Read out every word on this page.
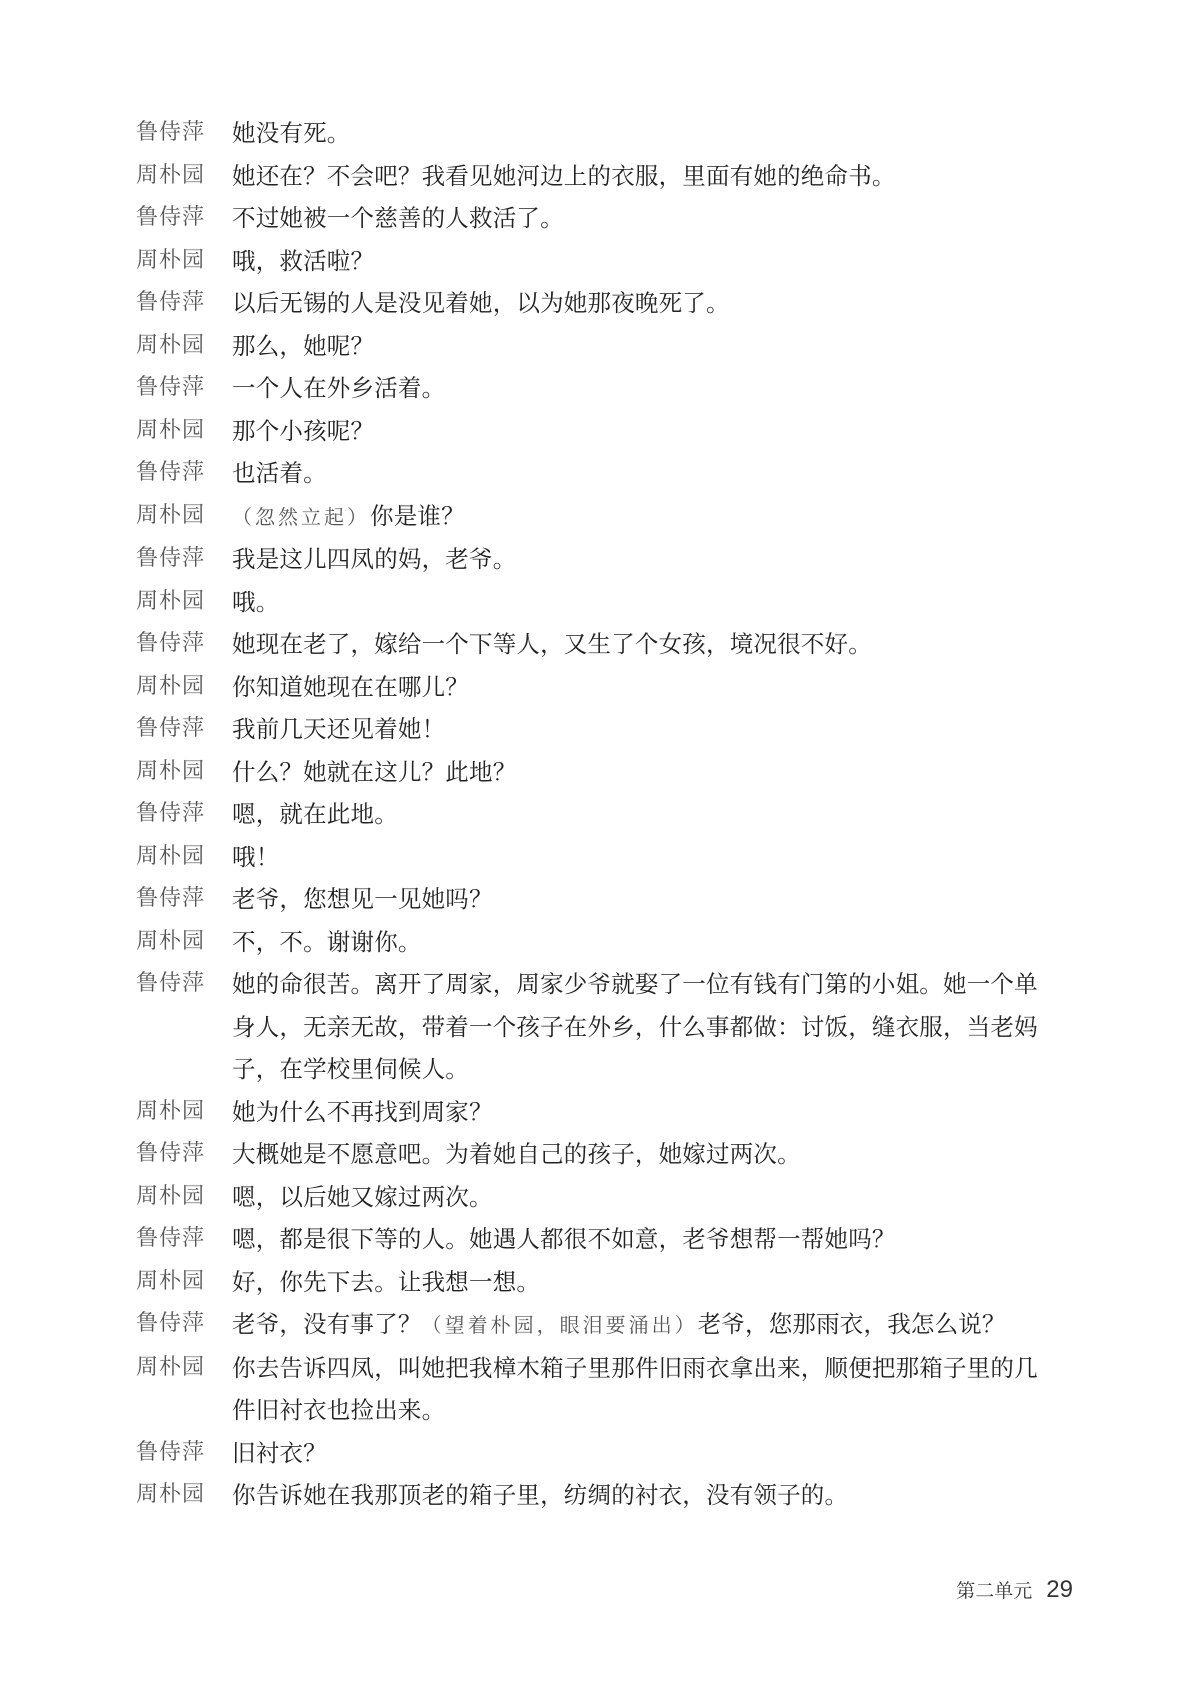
鲁侍萍	她没有死。
周朴园	她还在？不会吧？我看见她河边上的衣服，里面有她的绝命书。
鲁侍萍	不过她被一个慈善的人救活了。
周朴园	哦，救活啦？
鲁侍萍	以后无锡的人是没见着她，以为她那夜晚死了。
周朴园	那么，她呢？
鲁侍萍	一个人在外乡活着。
周朴园	那个小孩呢？
鲁侍萍	也活着。
周朴园	（忽然立起）你是谁？
鲁侍萍	我是这儿四凤的妈，老爷。
周朴园	哦。
鲁侍萍	她现在老了，嫁给一个下等人，又生了个女孩，境况很不好。
周朴园	你知道她现在在哪儿？
鲁侍萍	我前几天还见着她！
周朴园	什么？她就在这儿？此地？
鲁侍萍	嗯，就在此地。
周朴园	哦！
鲁侍萍	老爷，您想见一见她吗？
周朴园	不，不。谢谢你。
鲁侍萍	她的命很苦。离开了周家，周家少爷就娶了一位有钱有门第的小姐。她一个单身人，无亲无故，带着一个孩子在外乡，什么事都做：讨饭，缝衣服，当老妈子，在学校里伺候人。
周朴园	她为什么不再找到周家？
鲁侍萍	大概她是不愿意吧。为着她自己的孩子，她嫁过两次。
周朴园	嗯，以后她又嫁过两次。
鲁侍萍	嗯，都是很下等的人。她遇人都很不如意，老爷想帮一帮她吗？
周朴园	好，你先下去。让我想一想。
鲁侍萍	老爷，没有事了？（望着朴园，眼泪要涌出）老爷，您那雨衣，我怎么说？
周朴园	你去告诉四凤，叫她把我樟木箱子里那件旧雨衣拿出来，顺便把那箱子里的几件旧衬衣也捡出来。
鲁侍萍	旧衬衣？
周朴园	你告诉她在我那顶老的箱子里，纺绸的衬衣，没有领子的。
第二单元 29
